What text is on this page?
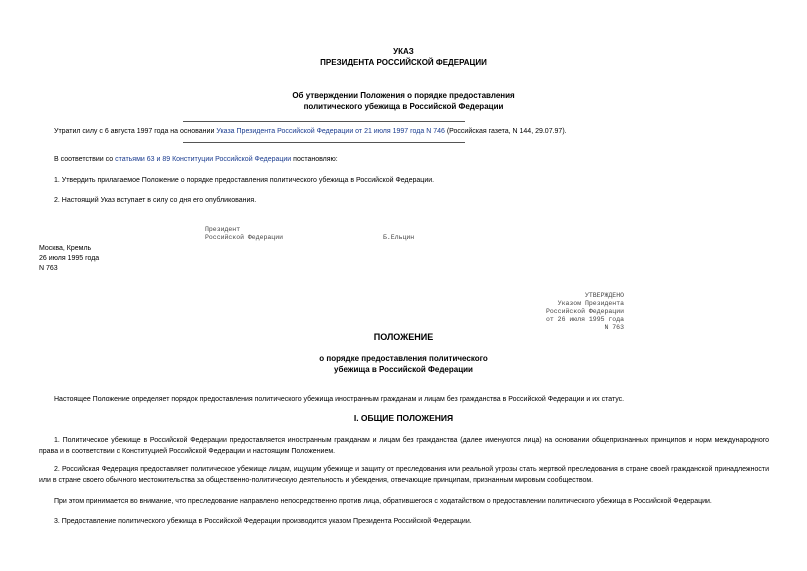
УКАЗ
ПРЕЗИДЕНТА РОССИЙСКОЙ ФЕДЕРАЦИИ
Об утверждении Положения о порядке предоставления
политического убежища в Российской Федерации
Утратил силу с 6 августа 1997 года на основании Указа Президента Российской Федерации от 21 июля 1997 года N 746 (Российская газета, N 144, 29.07.97).
В соответствии со статьями 63 и 89 Конституции Российской Федерации постановляю:
1. Утвердить прилагаемое Положение о порядке предоставления политического убежища в Российской Федерации.
2. Настоящий Указ вступает в силу со дня его опубликования.
Президент
Российской Федерации	Б.Ельцин
Москва, Кремль
26 июля 1995 года
N 763
УТВЕРЖДЕНО
Указом Президента
Российской Федерации
от 26 июля 1995 года
N 763
ПОЛОЖЕНИЕ
о порядке предоставления политического
убежища в Российской Федерации
Настоящее Положение определяет порядок предоставления политического убежища иностранным гражданам и лицам без гражданства в Российской Федерации и их статус.
I. ОБЩИЕ ПОЛОЖЕНИЯ
1. Политическое убежище в Российской Федерации предоставляется иностранным гражданам и лицам без гражданства (далее именуются лица) на основании общепризнанных принципов и норм международного права и в соответствии с Конституцией Российской Федерации и настоящим Положением.
2. Российская Федерация предоставляет политическое убежище лицам, ищущим убежище и защиту от преследования или реальной угрозы стать жертвой преследования в стране своей гражданской принадлежности или в стране своего обычного местожительства за общественно-политическую деятельность и убеждения, отвечающие принципам, признанным мировым сообществом.
При этом принимается во внимание, что преследование направлено непосредственно против лица, обратившегося с ходатайством о предоставлении политического убежища в Российской Федерации.
3. Предоставление политического убежища в Российской Федерации производится указом Президента Российской Федерации.
